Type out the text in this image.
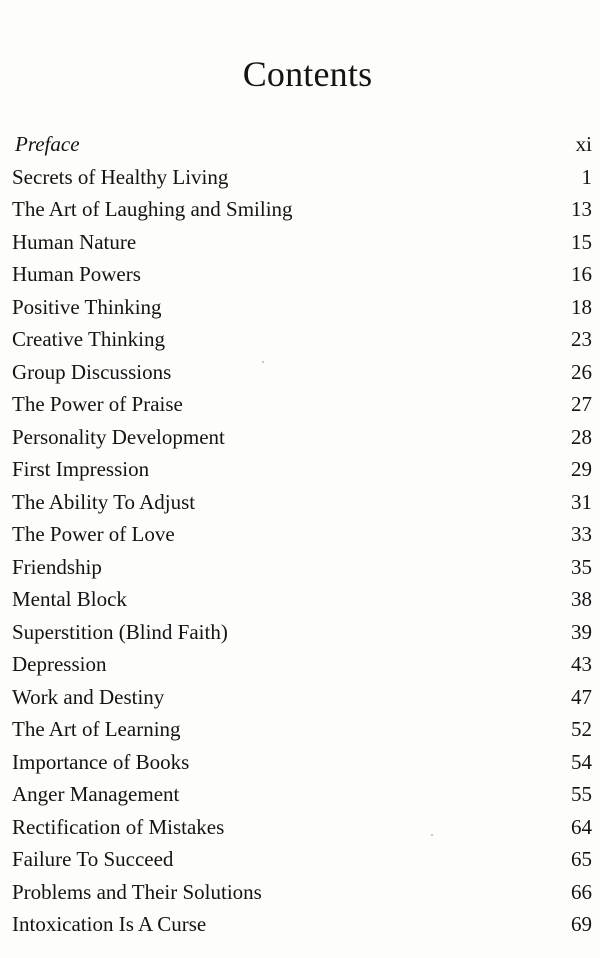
Contents
Preface	xi
Secrets of Healthy Living	1
The Art of Laughing and Smiling	13
Human Nature	15
Human Powers	16
Positive Thinking	18
Creative Thinking	23
Group Discussions	26
The Power of Praise	27
Personality Development	28
First Impression	29
The Ability To Adjust	31
The Power of Love	33
Friendship	35
Mental Block	38
Superstition (Blind Faith)	39
Depression	43
Work and Destiny	47
The Art of Learning	52
Importance of Books	54
Anger Management	55
Rectification of Mistakes	64
Failure To Succeed	65
Problems and Their Solutions	66
Intoxication Is A Curse	69
